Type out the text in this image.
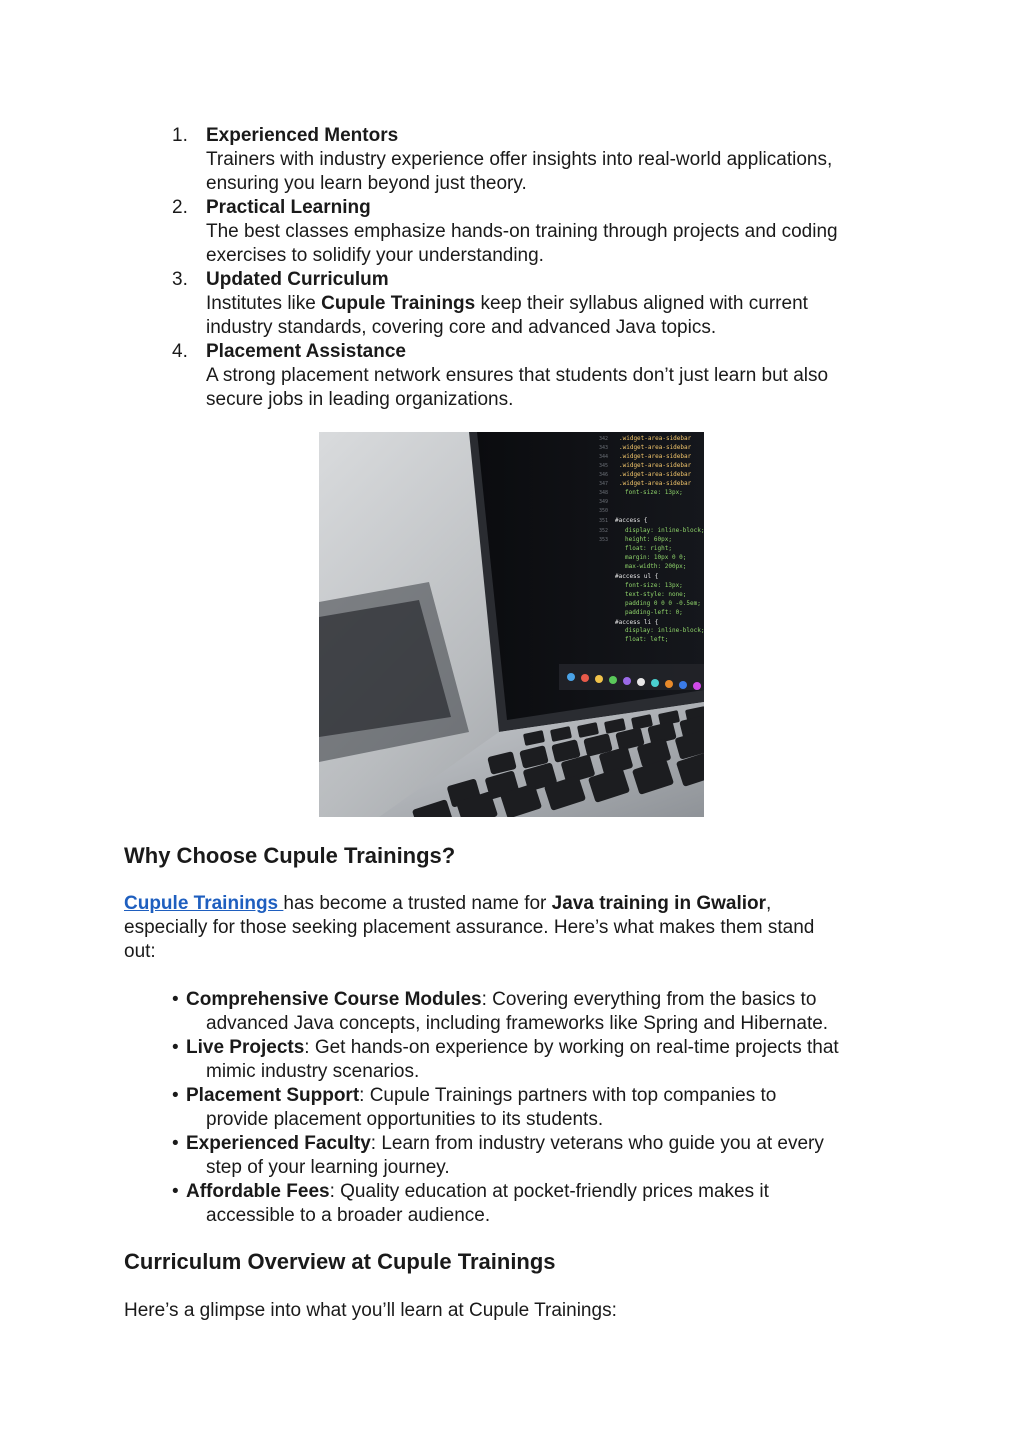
1. Experienced Mentors
Trainers with industry experience offer insights into real-world applications,
ensuring you learn beyond just theory.
2. Practical Learning
The best classes emphasize hands-on training through projects and coding
exercises to solidify your understanding.
3. Updated Curriculum
Institutes like Cupule Trainings keep their syllabus aligned with current
industry standards, covering core and advanced Java topics.
4. Placement Assistance
A strong placement network ensures that students don’t just learn but also
secure jobs in leading organizations.
.widget-area-sidebar
.widget-area-sidebar
.widget-area-sidebar
.widget-area-sidebar
.widget-area-sidebar
.widget-area-sidebar
font-size: 13px;
display: inline-block;
height: 60px;
float: right;
margin: 10px 0 0;
max-width: 200px;
font-size: 13px;
text-style: none;
padding 0 0 0 -0.5em;
padding-left: 0;
display: inline-block;
float: left;
#access {
#access ul {
#access li {
342
343
344
345
346
347
348
349
350
351
352
353
Why Choose Cupule Trainings?

Cupule Trainings has become a trusted name for Java training in Gwalior,
especially for those seeking placement assurance. Here’s what makes them stand
out:

• Comprehensive Course Modules: Covering everything from the basics to
advanced Java concepts, including frameworks like Spring and Hibernate.
• Live Projects: Get hands-on experience by working on real-time projects that
mimic industry scenarios.
• Placement Support: Cupule Trainings partners with top companies to
provide placement opportunities to its students.
• Experienced Faculty: Learn from industry veterans who guide you at every
step of your learning journey.
• Affordable Fees: Quality education at pocket-friendly prices makes it
accessible to a broader audience.
Curriculum Overview at Cupule Trainings

Here’s a glimpse into what you’ll learn at Cupule Trainings:
